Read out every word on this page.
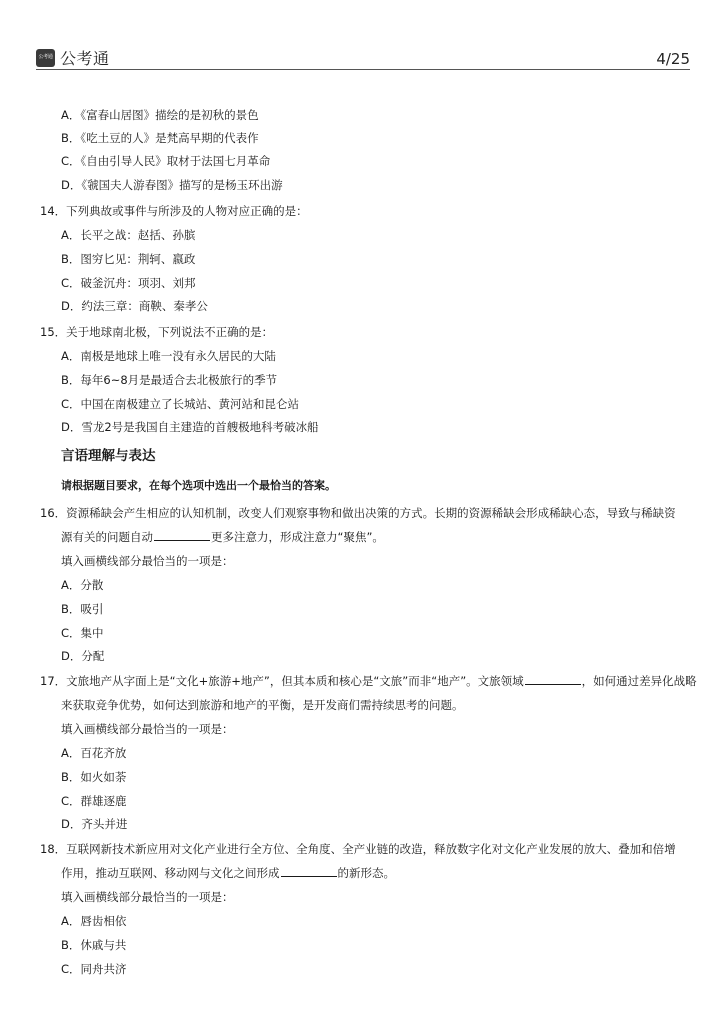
公考通 公考通	4/25
A．《富春山居图》描绘的是初秋的景色
B．《吃土豆的人》是梵高早期的代表作
C．《自由引导人民》取材于法国七月革命
D．《虢国夫人游春图》描写的是杨玉环出游
14．下列典故或事件与所涉及的人物对应正确的是：
A．长平之战：赵括、孙膑
B．图穷匕见：荆轲、嬴政
C．破釜沉舟：项羽、刘邦
D．约法三章：商鞅、秦孝公
15．关于地球南北极，下列说法不正确的是：
A．南极是地球上唯一没有永久居民的大陆
B．每年6~8月是最适合去北极旅行的季节
C．中国在南极建立了长城站、黄河站和昆仑站
D．雪龙2号是我国自主建造的首艘极地科考破冰船
言语理解与表达
请根据题目要求，在每个选项中选出一个最恰当的答案。
16．资源稀缺会产生相应的认知机制，改变人们观察事物和做出决策的方式。长期的资源稀缺会形成稀缺心态，导致与稀缺资
源有关的问题自动	更多注意力，形成注意力“聚焦”。
填入画横线部分最恰当的一项是：
A．分散
B．吸引
C．集中
D．分配
17．文旅地产从字面上是“文化+旅游+地产”，但其本质和核心是“文旅”而非“地产”。文旅领域	，如何通过差异化战略
来获取竞争优势，如何达到旅游和地产的平衡，是开发商们需持续思考的问题。
填入画横线部分最恰当的一项是：
A．百花齐放
B．如火如荼
C．群雄逐鹿
D．齐头并进
18．互联网新技术新应用对文化产业进行全方位、全角度、全产业链的改造，释放数字化对文化产业发展的放大、叠加和倍增
作用，推动互联网、移动网与文化之间形成	的新形态。
填入画横线部分最恰当的一项是：
A．唇齿相依
B．休戚与共
C．同舟共济
